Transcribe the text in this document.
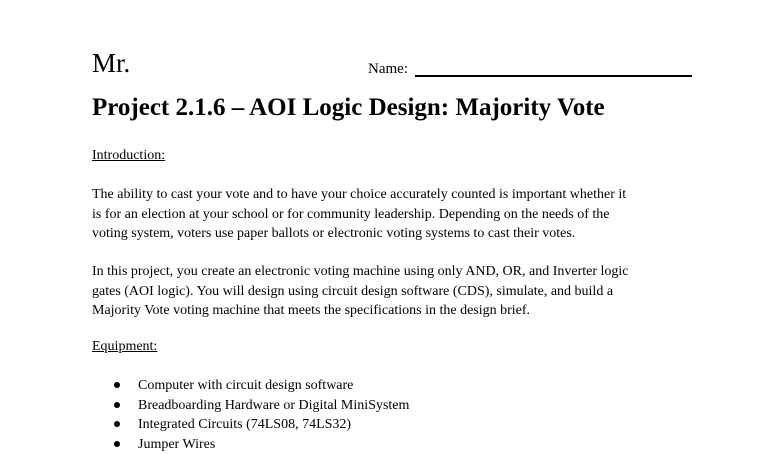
Mr.	Name:
Project 2.1.6 – AOI Logic Design: Majority Vote
Introduction:
The ability to cast your vote and to have your choice accurately counted is important whether it
is for an election at your school or for community leadership. Depending on the needs of the
voting system, voters use paper ballots or electronic voting systems to cast their votes.
In this project, you create an electronic voting machine using only AND, OR, and Inverter logic
gates (AOI logic). You will design using circuit design software (CDS), simulate, and build a
Majority Vote voting machine that meets the specifications in the design brief.
Equipment:
Computer with circuit design software
Breadboarding Hardware or Digital MiniSystem
Integrated Circuits (74LS08, 74LS32)
Jumper Wires
